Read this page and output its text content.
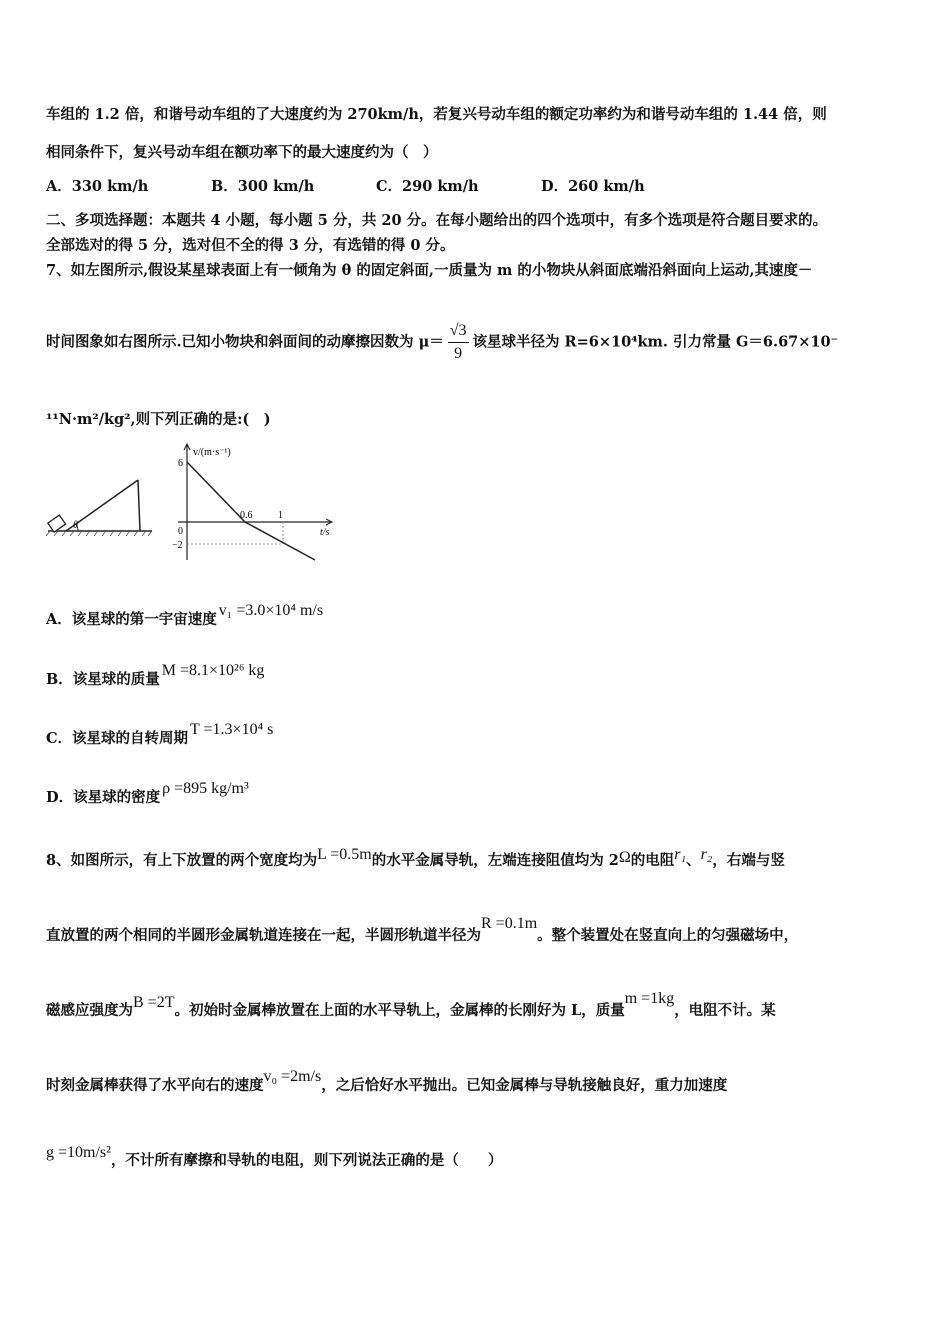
车组的 1.2 倍，和谐号动车组的了大速度约为 270km/h，若复兴号动车组的额定功率约为和谐号动车组的 1.44 倍，则
相同条件下，复兴号动车组在额功率下的最大速度约为（　）
A．330 km/h	B．300 km/h	C．290 km/h	D．260 km/h
二、多项选择题：本题共 4 小题，每小题 5 分，共 20 分。在每小题给出的四个选项中，有多个选项是符合题目要求的。
全部选对的得 5 分，选对但不全的得 3 分，有选错的得 0 分。
7、如左图所示,假设某星球表面上有一倾角为 θ 的固定斜面,一质量为 m 的小物块从斜面底端沿斜面向上运动,其速度－
时间图象如右图所示.已知小物块和斜面间的动摩擦因数为 $\mu= \frac{√3}{9}$ 该星球半径为 R=6×10⁴km. 引力常量 G＝6.67×10⁻
¹¹N·m²/kg²,则下列正确的是:(　)
θ
v/(m·s⁻¹)
6
0
−2
0.6	1
t/s
A．该星球的第一宇宙速度v₁ =3.0×10⁴ m/s
B．该星球的质量M =8.1×10²⁶ kg
C．该星球的自转周期T =1.3×10⁴ s
D．该星球的密度ρ =895 kg/m³
8、如图所示，有上下放置的两个宽度均为L =0.5m的水平金属导轨，左端连接阻值均为 2Ω的电阻r₁、r₂，右端与竖
直放置的两个相同的半圆形金属轨道连接在一起，半圆形轨道半径为R =0.1m。整个装置处在竖直向上的匀强磁场中，
磁感应强度为B =2T。初始时金属棒放置在上面的水平导轨上，金属棒的长刚好为 L，质量m =1kg，电阻不计。某
时刻金属棒获得了水平向右的速度v₀ =2m/s，之后恰好水平抛出。已知金属棒与导轨接触良好，重力加速度
g =10m/s²，不计所有摩擦和导轨的电阻，则下列说法正确的是（　　）
